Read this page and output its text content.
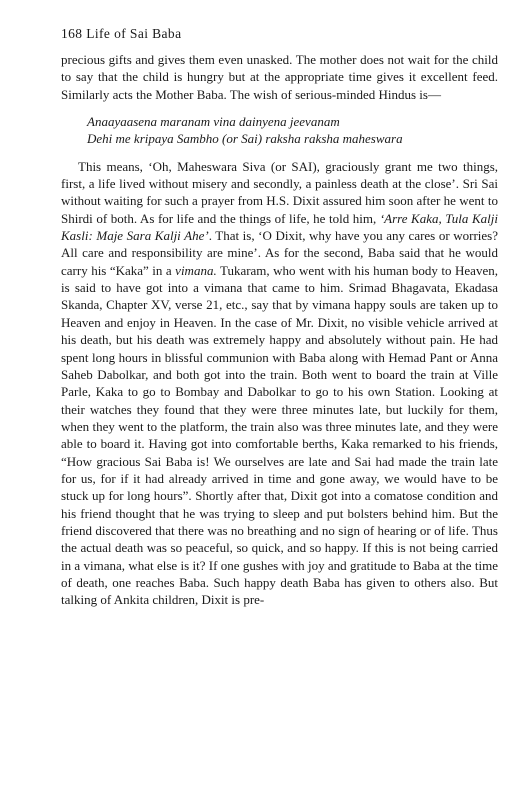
168 Life of Sai Baba

precious gifts and gives them even unasked. The mother does not wait for the child to say that the child is hungry but at the appropriate time gives it excellent feed. Similarly acts the Mother Baba. The wish of serious-minded Hindus is—

Anaayaasena maranam vina dainyena jeevanam
Dehi me kripaya Sambho (or Sai) raksha raksha maheswara

This means, ‘Oh, Maheswara Siva (or SAI), graciously grant me two things, first, a life lived without misery and secondly, a painless death at the close’. Sri Sai without waiting for such a prayer from H.S. Dixit assured him soon after he went to Shirdi of both. As for life and the things of life, he told him, ‘Arre Kaka, Tula Kalji Kasli: Maje Sara Kalji Ahe’. That is, ‘O Dixit, why have you any cares or worries? All care and responsibility are mine’. As for the second, Baba said that he would carry his “Kaka” in a vimana. Tukaram, who went with his human body to Heaven, is said to have got into a vimana that came to him. Srimad Bhagavata, Ekadasa Skanda, Chapter XV, verse 21, etc., say that by vimana happy souls are taken up to Heaven and enjoy in Heaven. In the case of Mr. Dixit, no visible vehicle arrived at his death, but his death was extremely happy and absolutely without pain. He had spent long hours in blissful communion with Baba along with Hemad Pant or Anna Saheb Dabolkar, and both got into the train. Both went to board the train at Ville Parle, Kaka to go to Bombay and Dabolkar to go to his own Station. Looking at their watches they found that they were three minutes late, but luckily for them, when they went to the platform, the train also was three minutes late, and they were able to board it. Having got into comfortable berths, Kaka remarked to his friends, “How gracious Sai Baba is! We ourselves are late and Sai had made the train late for us, for if it had already arrived in time and gone away, we would have to be stuck up for long hours”. Shortly after that, Dixit got into a comatose condition and his friend thought that he was trying to sleep and put bolsters behind him. But the friend discovered that there was no breathing and no sign of hearing or of life. Thus the actual death was so peaceful, so quick, and so happy. If this is not being carried in a vimana, what else is it? If one gushes with joy and gratitude to Baba at the time of death, one reaches Baba. Such happy death Baba has given to others also. But talking of Ankita children, Dixit is pre-
